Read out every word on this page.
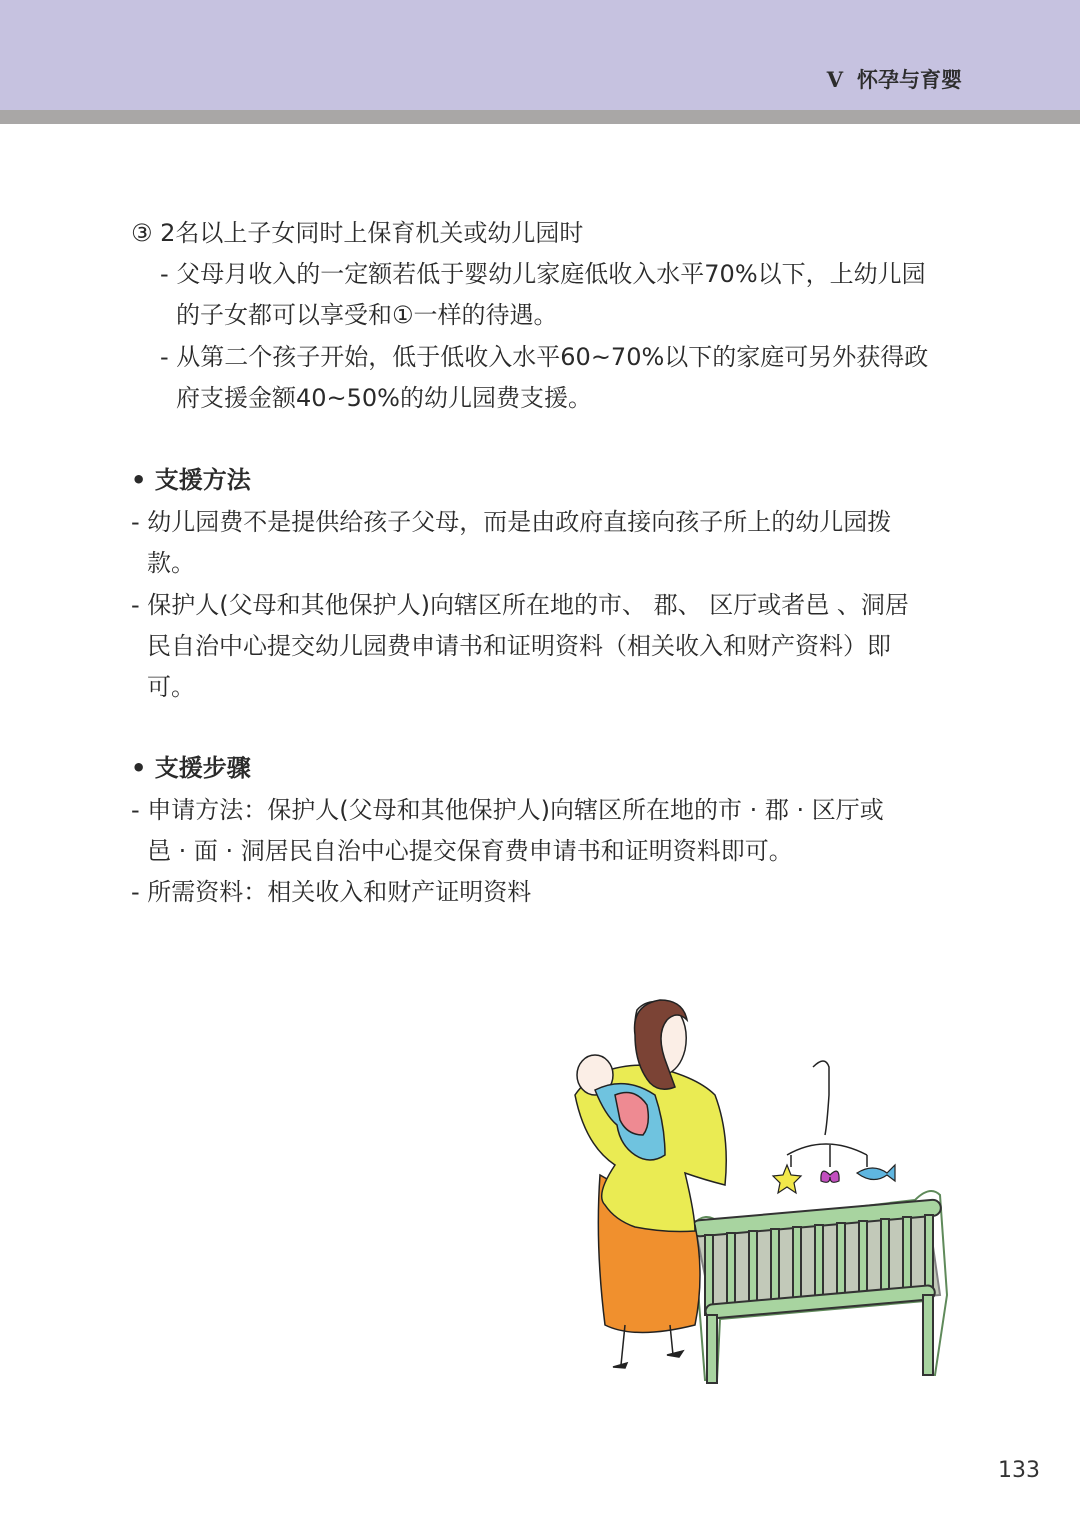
V 怀孕与育婴
③ 2名以上子女同时上保育机关或幼儿园时
- 父母月收入的一定额若低于婴幼儿家庭低收入水平70%以下，上幼儿园
的子女都可以享受和①一样的待遇。
- 从第二个孩子开始，低于低收入水平60~70%以下的家庭可另外获得政
府支援金额40~50%的幼儿园费支援。
• 支援方法
- 幼儿园费不是提供给孩子父母，而是由政府直接向孩子所上的幼儿园拨
款。
- 保护人(父母和其他保护人)向辖区所在地的市、 郡、 区厅或者邑 、洞居
民自治中心提交幼儿园费申请书和证明资料（相关收入和财产资料）即
可。
• 支援步骤
- 申请方法：保护人(父母和其他保护人)向辖区所在地的市 · 郡 · 区厅或
邑 · 面 · 洞居民自治中心提交保育费申请书和证明资料即可。
- 所需资料：相关收入和财产证明资料
133
